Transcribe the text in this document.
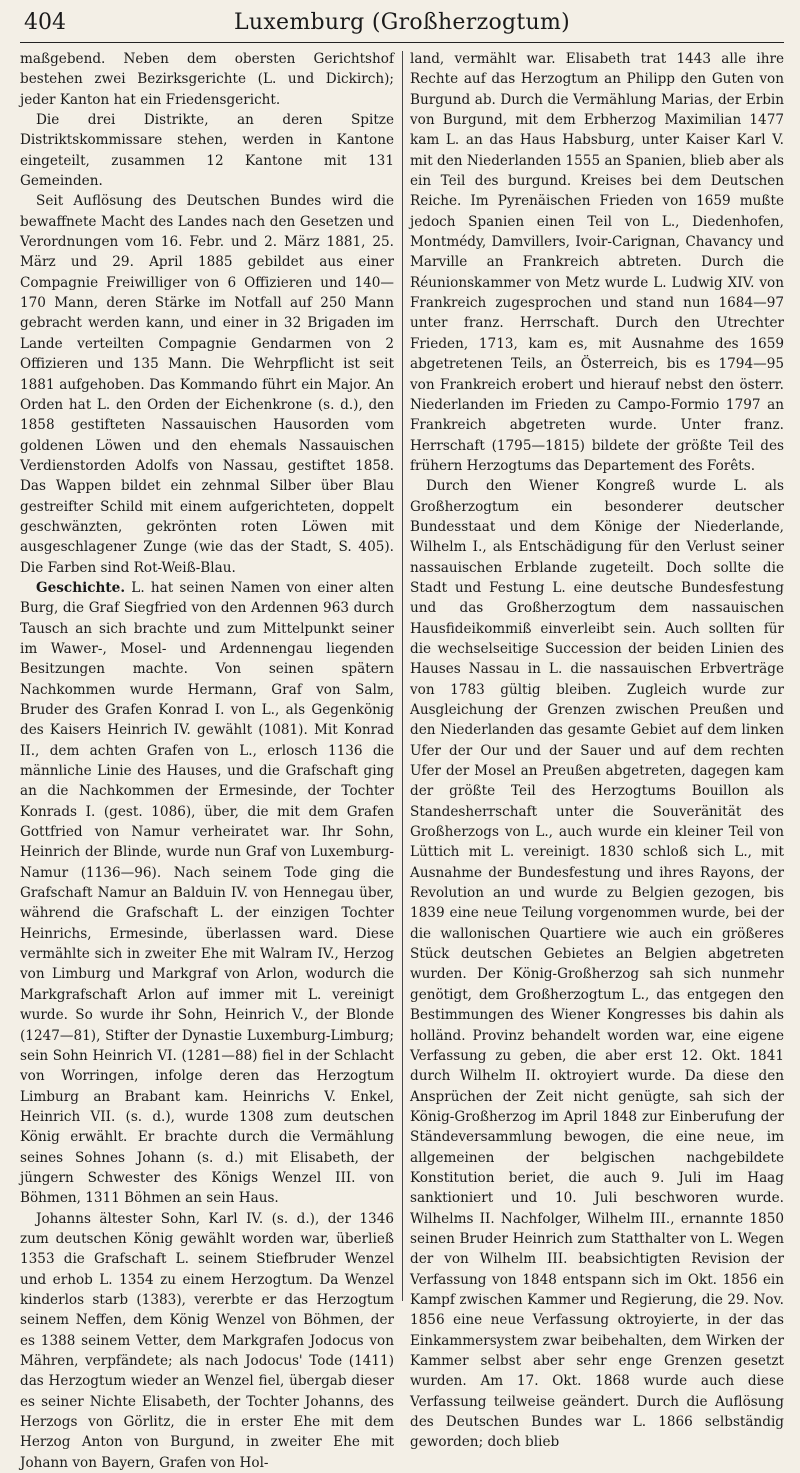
404	Luxemburg (Großherzogtum)

maßgebend. Neben dem obersten Gerichtshof bestehen zwei Bezirksgerichte (L. und Dickirch); jeder Kanton hat ein Friedensgericht.

Die drei Distrikte, an deren Spitze Distriktskommissare stehen, werden in Kantone eingeteilt, zusammen 12 Kantone mit 131 Gemeinden.

Seit Auflösung des Deutschen Bundes wird die bewaffnete Macht des Landes nach den Gesetzen und Verordnungen vom 16. Febr. und 2. März 1881, 25. März und 29. April 1885 gebildet aus einer Compagnie Freiwilliger von 6 Offizieren und 140—170 Mann, deren Stärke im Notfall auf 250 Mann gebracht werden kann, und einer in 32 Brigaden im Lande verteilten Compagnie Gendarmen von 2 Offizieren und 135 Mann. Die Wehrpflicht ist seit 1881 aufgehoben. Das Kommando führt ein Major. An Orden hat L. den Orden der Eichenkrone (s. d.), den 1858 gestifteten Nassauischen Hausorden vom goldenen Löwen und den ehemals Nassauischen Verdienstorden Adolfs von Nassau, gestiftet 1858. Das Wappen bildet ein zehnmal Silber über Blau gestreifter Schild mit einem aufgerichteten, doppelt geschwänzten, gekrönten roten Löwen mit ausgeschlagener Zunge (wie das der Stadt, S. 405). Die Farben sind Rot-Weiß-Blau.

Geschichte. L. hat seinen Namen von einer alten Burg, die Graf Siegfried von den Ardennen 963 durch Tausch an sich brachte und zum Mittelpunkt seiner im Wawer-, Mosel- und Ardennengau liegenden Besitzungen machte. Von seinen spätern Nachkommen wurde Hermann, Graf von Salm, Bruder des Grafen Konrad I. von L., als Gegenkönig des Kaisers Heinrich IV. gewählt (1081). Mit Konrad II., dem achten Grafen von L., erlosch 1136 die männliche Linie des Hauses, und die Grafschaft ging an die Nachkommen der Ermesinde, der Tochter Konrads I. (gest. 1086), über, die mit dem Grafen Gottfried von Namur verheiratet war. Ihr Sohn, Heinrich der Blinde, wurde nun Graf von Luxemburg-Namur (1136—96). Nach seinem Tode ging die Grafschaft Namur an Balduin IV. von Hennegau über, während die Grafschaft L. der einzigen Tochter Heinrichs, Ermesinde, überlassen ward. Diese vermählte sich in zweiter Ehe mit Walram IV., Herzog von Limburg und Markgraf von Arlon, wodurch die Markgrafschaft Arlon auf immer mit L. vereinigt wurde. So wurde ihr Sohn, Heinrich V., der Blonde (1247—81), Stifter der Dynastie Luxemburg-Limburg; sein Sohn Heinrich VI. (1281—88) fiel in der Schlacht von Worringen, infolge deren das Herzogtum Limburg an Brabant kam. Heinrichs V. Enkel, Heinrich VII. (s. d.), wurde 1308 zum deutschen König erwählt. Er brachte durch die Vermählung seines Sohnes Johann (s. d.) mit Elisabeth, der jüngern Schwester des Königs Wenzel III. von Böhmen, 1311 Böhmen an sein Haus.

Johanns ältester Sohn, Karl IV. (s. d.), der 1346 zum deutschen König gewählt worden war, überließ 1353 die Grafschaft L. seinem Stiefbruder Wenzel und erhob L. 1354 zu einem Herzogtum. Da Wenzel kinderlos starb (1383), vererbte er das Herzogtum seinem Neffen, dem König Wenzel von Böhmen, der es 1388 seinem Vetter, dem Markgrafen Jodocus von Mähren, verpfändete; als nach Jodocus' Tode (1411) das Herzogtum wieder an Wenzel fiel, übergab dieser es seiner Nichte Elisabeth, der Tochter Johanns, des Herzogs von Görlitz, die in erster Ehe mit dem Herzog Anton von Burgund, in zweiter Ehe mit Johann von Bayern, Grafen von Hol-

land, vermählt war. Elisabeth trat 1443 alle ihre Rechte auf das Herzogtum an Philipp den Guten von Burgund ab. Durch die Vermählung Marias, der Erbin von Burgund, mit dem Erbherzog Maximilian 1477 kam L. an das Haus Habsburg, unter Kaiser Karl V. mit den Niederlanden 1555 an Spanien, blieb aber als ein Teil des burgund. Kreises bei dem Deutschen Reiche. Im Pyrenäischen Frieden von 1659 mußte jedoch Spanien einen Teil von L., Diedenhofen, Montmédy, Damvillers, Ivoir-Carignan, Chavancy und Marville an Frankreich abtreten. Durch die Réunionskammer von Metz wurde L. Ludwig XIV. von Frankreich zugesprochen und stand nun 1684—97 unter franz. Herrschaft. Durch den Utrechter Frieden, 1713, kam es, mit Ausnahme des 1659 abgetretenen Teils, an Österreich, bis es 1794—95 von Frankreich erobert und hierauf nebst den österr. Niederlanden im Frieden zu Campo-Formio 1797 an Frankreich abgetreten wurde. Unter franz. Herrschaft (1795—1815) bildete der größte Teil des frühern Herzogtums das Departement des Forêts.

Durch den Wiener Kongreß wurde L. als Großherzogtum ein besonderer deutscher Bundesstaat und dem Könige der Niederlande, Wilhelm I., als Entschädigung für den Verlust seiner nassauischen Erblande zugeteilt. Doch sollte die Stadt und Festung L. eine deutsche Bundesfestung und das Großherzogtum dem nassauischen Hausfideikommiß einverleibt sein. Auch sollten für die wechselseitige Succession der beiden Linien des Hauses Nassau in L. die nassauischen Erbverträge von 1783 gültig bleiben. Zugleich wurde zur Ausgleichung der Grenzen zwischen Preußen und den Niederlanden das gesamte Gebiet auf dem linken Ufer der Our und der Sauer und auf dem rechten Ufer der Mosel an Preußen abgetreten, dagegen kam der größte Teil des Herzogtums Bouillon als Standesherrschaft unter die Souveränität des Großherzogs von L., auch wurde ein kleiner Teil von Lüttich mit L. vereinigt. 1830 schloß sich L., mit Ausnahme der Bundesfestung und ihres Rayons, der Revolution an und wurde zu Belgien gezogen, bis 1839 eine neue Teilung vorgenommen wurde, bei der die wallonischen Quartiere wie auch ein größeres Stück deutschen Gebietes an Belgien abgetreten wurden. Der König-Großherzog sah sich nunmehr genötigt, dem Großherzogtum L., das entgegen den Bestimmungen des Wiener Kongresses bis dahin als holländ. Provinz behandelt worden war, eine eigene Verfassung zu geben, die aber erst 12. Okt. 1841 durch Wilhelm II. oktroyiert wurde. Da diese den Ansprüchen der Zeit nicht genügte, sah sich der König-Großherzog im April 1848 zur Einberufung der Ständeversammlung bewogen, die eine neue, im allgemeinen der belgischen nachgebildete Konstitution beriet, die auch 9. Juli im Haag sanktioniert und 10. Juli beschworen wurde. Wilhelms II. Nachfolger, Wilhelm III., ernannte 1850 seinen Bruder Heinrich zum Statthalter von L. Wegen der von Wilhelm III. beabsichtigten Revision der Verfassung von 1848 entspann sich im Okt. 1856 ein Kampf zwischen Kammer und Regierung, die 29. Nov. 1856 eine neue Verfassung oktroyierte, in der das Einkammersystem zwar beibehalten, dem Wirken der Kammer selbst aber sehr enge Grenzen gesetzt wurden. Am 17. Okt. 1868 wurde auch diese Verfassung teilweise geändert. Durch die Auflösung des Deutschen Bundes war L. 1866 selbständig geworden; doch blieb
